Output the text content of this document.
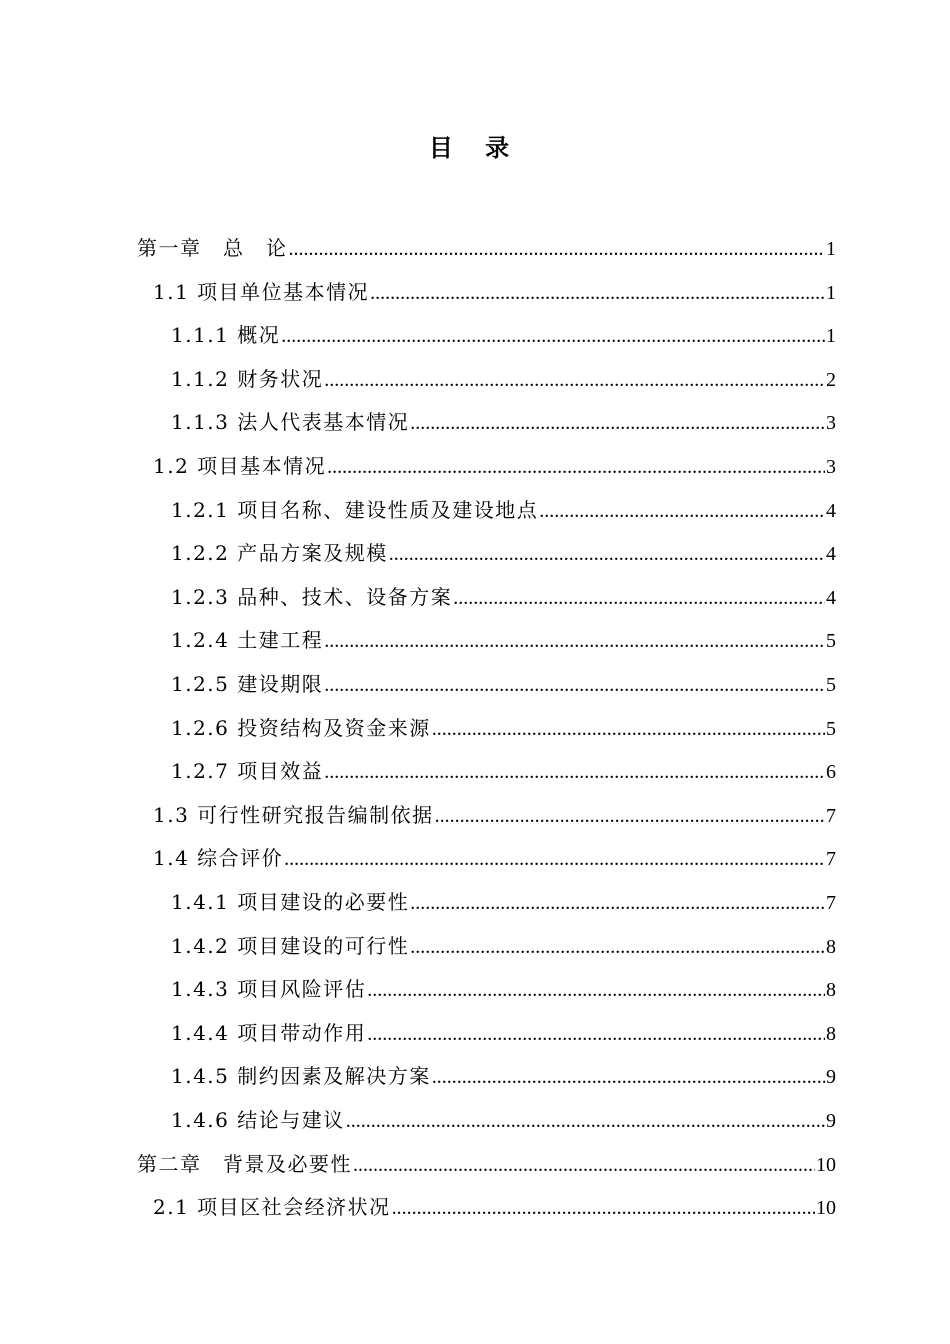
目 录
第一章　总　论 .....	1
1.1 项目单位基本情况 .....	1
1.1.1 概况 .....	1
1.1.2 财务状况 .....	2
1.1.3 法人代表基本情况 .....	3
1.2 项目基本情况 .....	3
1.2.1 项目名称、建设性质及建设地点 .....	4
1.2.2 产品方案及规模 .....	4
1.2.3 品种、技术、设备方案 .....	4
1.2.4 土建工程 .....	5
1.2.5 建设期限 .....	5
1.2.6 投资结构及资金来源 .....	5
1.2.7 项目效益 .....	6
1.3 可行性研究报告编制依据 .....	7
1.4 综合评价 .....	7
1.4.1 项目建设的必要性 .....	7
1.4.2 项目建设的可行性 .....	8
1.4.3 项目风险评估 .....	8
1.4.4 项目带动作用 .....	8
1.4.5 制约因素及解决方案 .....	9
1.4.6 结论与建议 .....	9
第二章　背景及必要性 .....	10
2.1 项目区社会经济状况 .....	10
